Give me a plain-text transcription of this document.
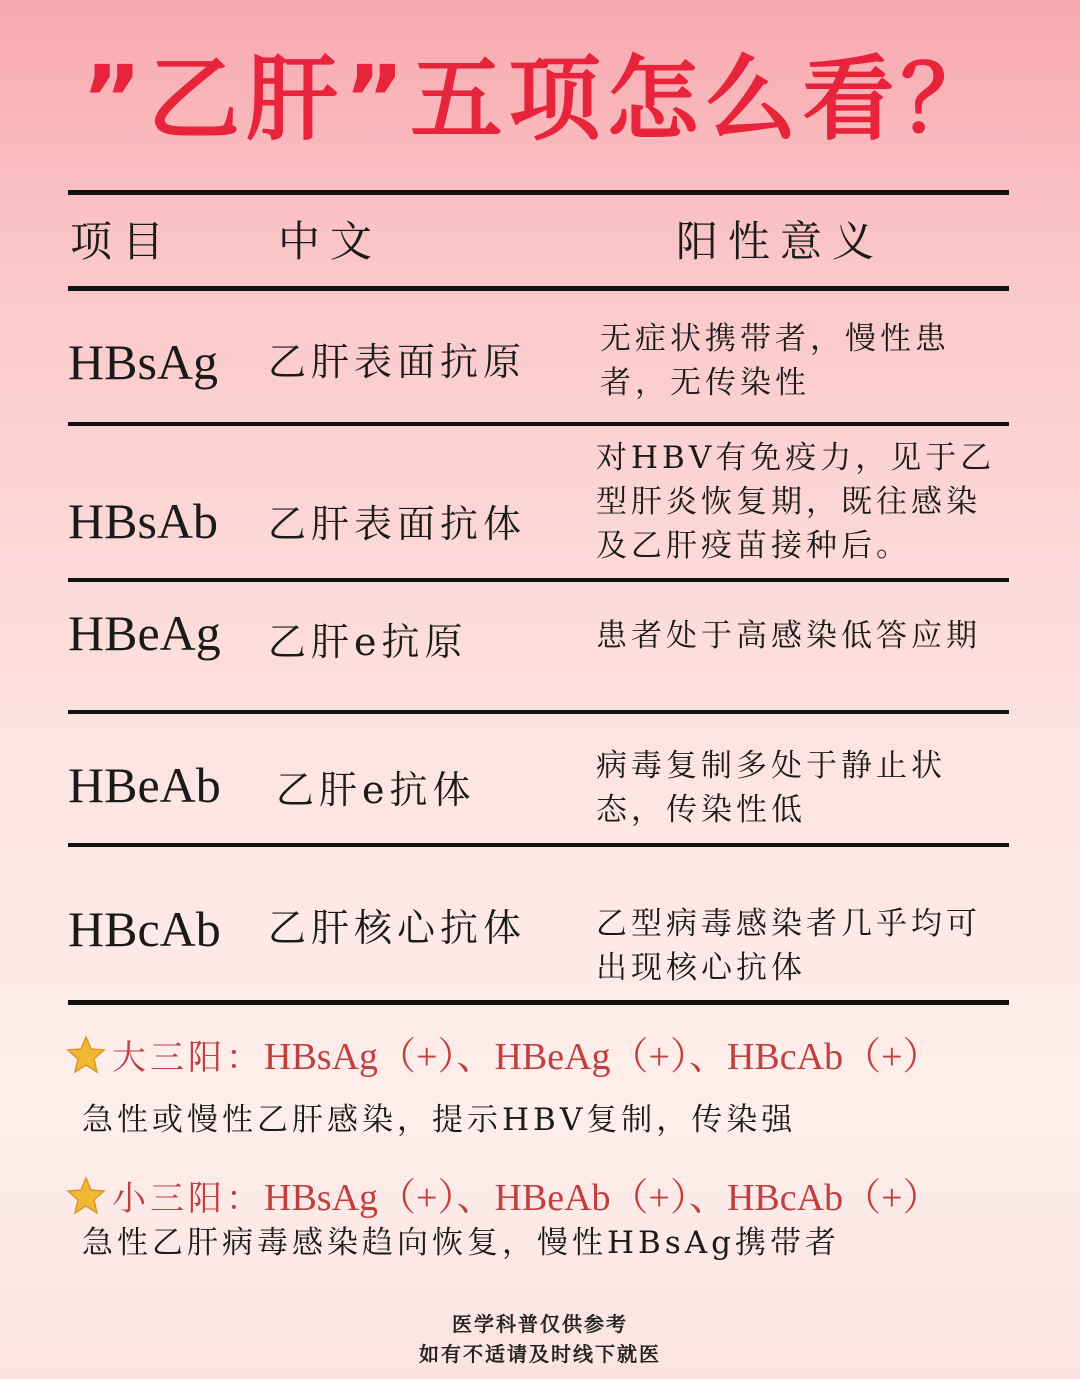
”乙肝”五项怎么看？
项目 中文	阳性意义
HBsAg 乙肝表面抗原
无症状携带者，慢性患者，无传染性
HBsAb 乙肝表面抗体
对HBV有免疫力，见于乙型肝炎恢复期，既往感染及乙肝疫苗接种后。
HBeAg 乙肝e抗原	患者处于高感染低答应期
HBeAb 乙肝e抗体
病毒复制多处于静止状态，传染性低
HBcAb 乙肝核心抗体 乙型病毒感染者几乎均可出现核心抗体
大三阳：HBsAg（+）、HBeAg（+）、HBcAb（+）
急性或慢性乙肝感染，提示HBV复制，传染强
小三阳：HBsAg（+）、HBeAb（+）、HBcAb（+）
急性乙肝病毒感染趋向恢复，慢性HBsAg携带者
医学科普仅供参考
如有不适请及时线下就医
